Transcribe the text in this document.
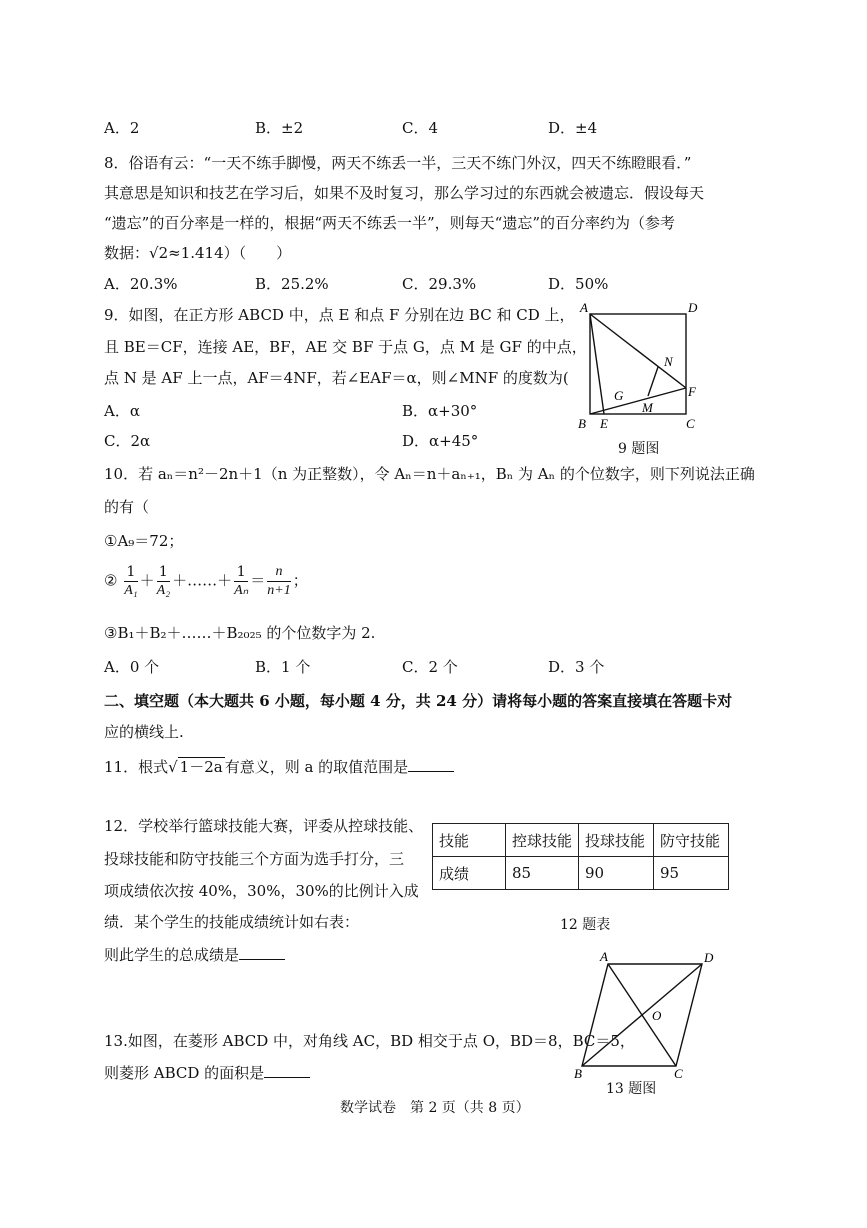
A．2	B．±2	C．4	D．±4
8．俗语有云：“一天不练手脚慢，两天不练丢一半，三天不练门外汉，四天不练瞪眼看．”
其意思是知识和技艺在学习后，如果不及时复习，那么学习过的东西就会被遗忘．假设每天
“遗忘”的百分率是一样的，根据“两天不练丢一半”，则每天“遗忘”的百分率约为（参考
数据：√2≈1.414）（　　）
A．20.3%	B．25.2%	C．29.3%	D．50%
9．如图，在正方形 ABCD 中，点 E 和点 F 分别在边 BC 和 CD 上，
且 BE＝CF，连接 AE，BF，AE 交 BF 于点 G，点 M 是 GF 的中点，
点 N 是 AF 上一点，AF＝4NF，若∠EAF＝α，则∠MNF 的度数为(
A．α	B．α+30°
C．2α	D．α+45°
A	D
B	C
E
F
G
M
N
9 题图
10．若 aₙ＝n²－2n＋1（n 为正整数），令 Aₙ＝n＋aₙ₊₁，Bₙ 为 Aₙ 的个位数字，则下列说法正确
的有（
①A₉＝72；
② $\frac{1}{\text{A₁}} + \frac{1}{\text{A₂}}$ ＋……＋ $\frac{1}{\text{Aₙ}} = \frac{n}{n+1}$ ；
③B₁＋B₂＋……＋B₂₀₂₅ 的个位数字为 2.
A．0 个	B．1 个	C．2 个	D．3 个
二、填空题（本大题共 6 小题，每小题 4 分，共 24 分）请将每小题的答案直接填在答题卡对
应的横线上.
11．根式√ 1－2a 有意义，则 a 的取值范围是
12．学校举行篮球技能大赛，评委从控球技能、
投球技能和防守技能三个方面为选手打分，三
项成绩依次按 40%，30%，30%的比例计入成
绩．某个学生的技能成绩统计如右表：
则此学生的总成绩是
技能	控球技能	投球技能	防守技能
成绩	85	90	95
12 题表
13.如图，在菱形 ABCD 中，对角线 AC，BD 相交于点 O，BD＝8，BC＝5，
则菱形 ABCD 的面积是
A	D
B	C
O
13 题图
数学试卷　第 2 页（共 8 页）
